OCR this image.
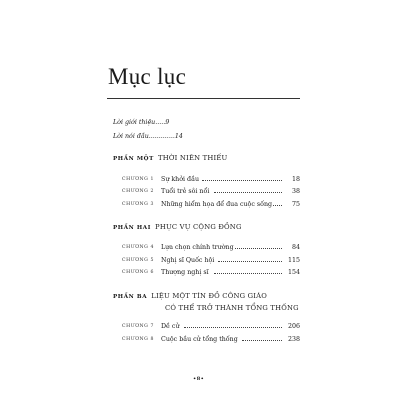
Mục lục
Lời giới thiệu.....9
Lời nói đầu.............14
PHẦN MỘT THỜI NIÊN THIẾU
CHƯƠNG 1 Sự khởi đầu	18
CHƯƠNG 2 Tuổi trẻ sôi nổi	38
CHƯƠNG 3 Những hiểm họa để đua cuộc sống	75
PHẦN HAI PHỤC VỤ CỘNG ĐỒNG
CHƯƠNG 4 Lựa chọn chính trường	84
CHƯƠNG 5 Nghị sĩ Quốc hội	115
CHƯƠNG 6 Thượng nghị sĩ	154
PHẦN BA LIỆU MỘT TÍN ĐỒ CÔNG GIÁO
CÓ THỂ TRỞ THÀNH TỔNG THỐNG
CHƯƠNG 7 Dề cử	206
CHƯƠNG 8 Cuộc bầu cử tổng thống	238
•8•
